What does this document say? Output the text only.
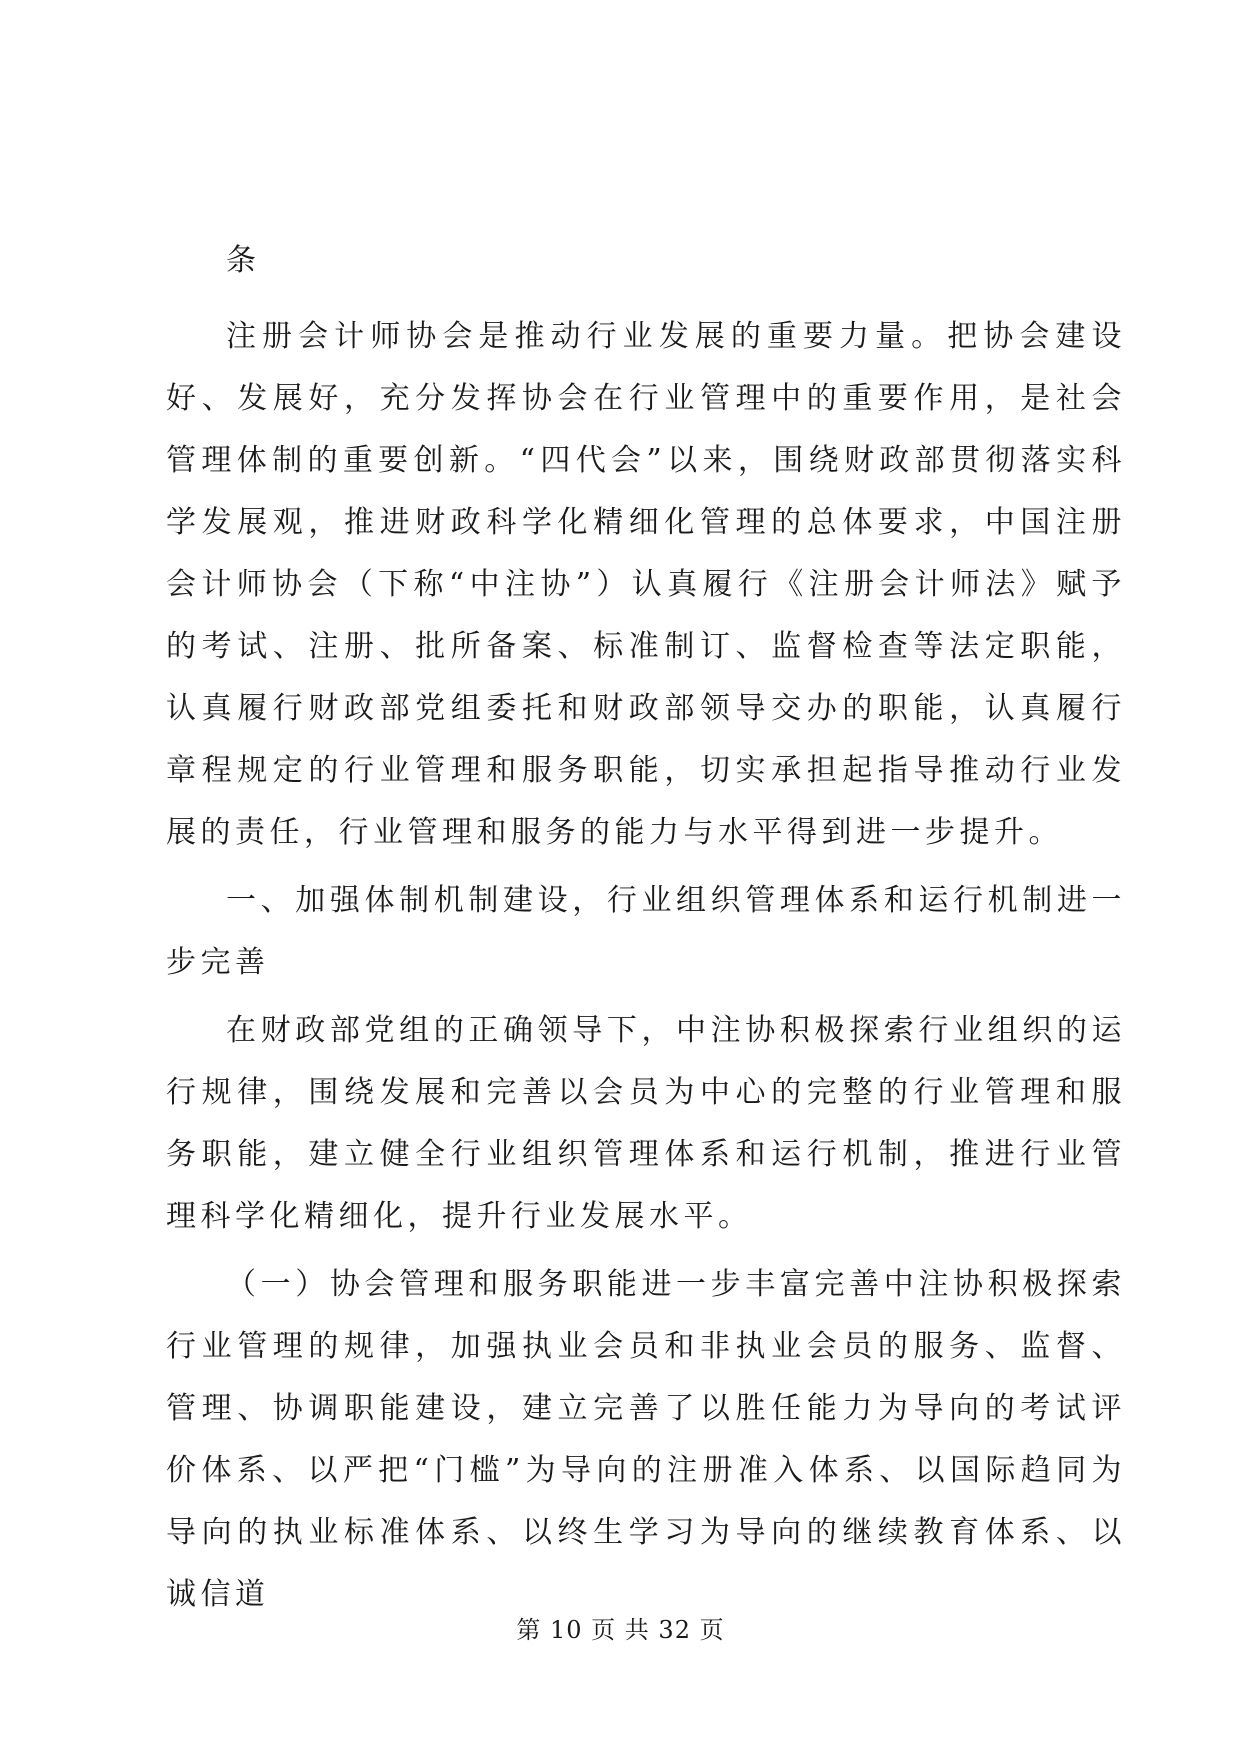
条

注册会计师协会是推动行业发展的重要力量。把协会建设好、发展好，充分发挥协会在行业管理中的重要作用，是社会管理体制的重要创新。“四代会”以来，围绕财政部贯彻落实科学发展观，推进财政科学化精细化管理的总体要求，中国注册会计师协会（下称“中注协”）认真履行《注册会计师法》赋予的考试、注册、批所备案、标准制订、监督检查等法定职能，认真履行财政部党组委托和财政部领导交办的职能，认真履行章程规定的行业管理和服务职能，切实承担起指导推动行业发展的责任，行业管理和服务的能力与水平得到进一步提升。

一、加强体制机制建设，行业组织管理体系和运行机制进一步完善

在财政部党组的正确领导下，中注协积极探索行业组织的运行规律，围绕发展和完善以会员为中心的完整的行业管理和服务职能，建立健全行业组织管理体系和运行机制，推进行业管理科学化精细化，提升行业发展水平。

（一）协会管理和服务职能进一步丰富完善中注协积极探索行业管理的规律，加强执业会员和非执业会员的服务、监督、管理、协调职能建设，建立完善了以胜任能力为导向的考试评价体系、以严把“门槛”为导向的注册准入体系、以国际趋同为导向的执业标准体系、以终生学习为导向的继续教育体系、以诚信道

第 10 页 共 32 页
